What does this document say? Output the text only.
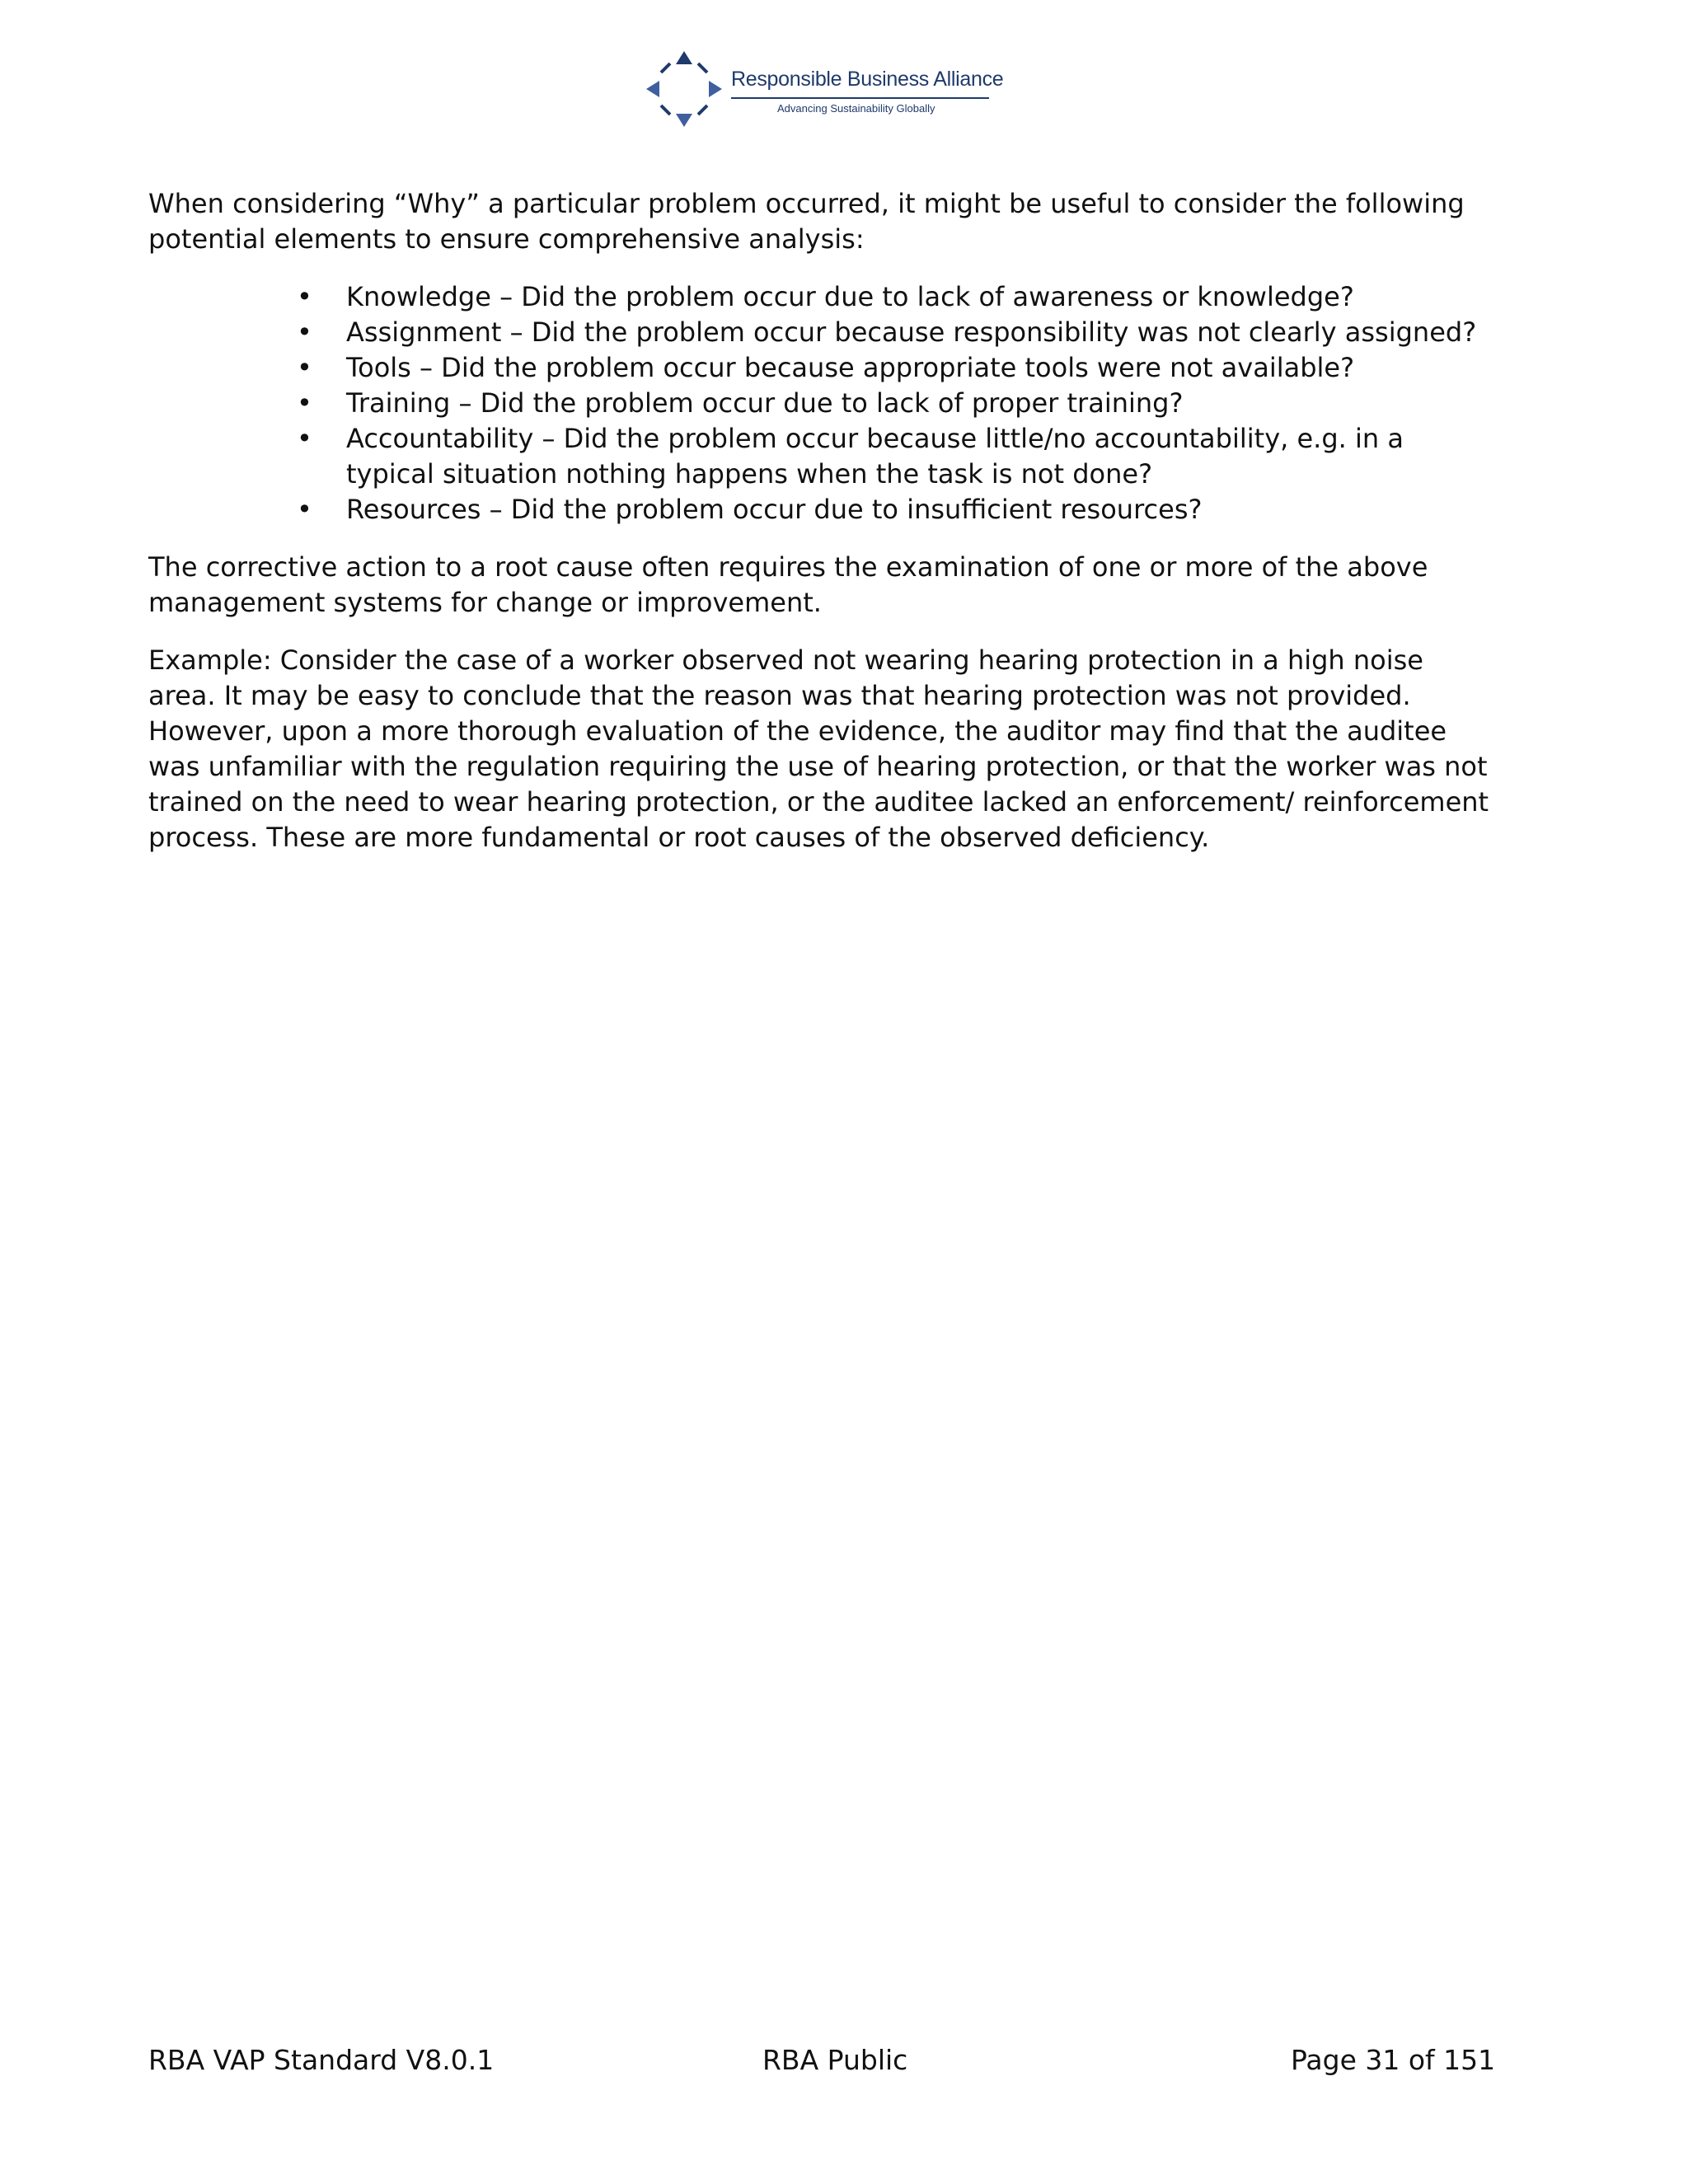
Responsible Business Alliance
Advancing Sustainability Globally

When considering “Why” a particular problem occurred, it might be useful to consider the following potential elements to ensure comprehensive analysis:

• Knowledge – Did the problem occur due to lack of awareness or knowledge?
• Assignment – Did the problem occur because responsibility was not clearly assigned?
• Tools – Did the problem occur because appropriate tools were not available?
• Training – Did the problem occur due to lack of proper training?
• Accountability – Did the problem occur because little/no accountability, e.g. in a typical situation nothing happens when the task is not done?
• Resources – Did the problem occur due to insufficient resources?

The corrective action to a root cause often requires the examination of one or more of the above management systems for change or improvement.

Example: Consider the case of a worker observed not wearing hearing protection in a high noise area. It may be easy to conclude that the reason was that hearing protection was not provided. However, upon a more thorough evaluation of the evidence, the auditor may find that the auditee was unfamiliar with the regulation requiring the use of hearing protection, or that the worker was not trained on the need to wear hearing protection, or the auditee lacked an enforcement/ reinforcement process. These are more fundamental or root causes of the observed deficiency.

RBA VAP Standard V8.0.1	RBA Public	Page 31 of 151
